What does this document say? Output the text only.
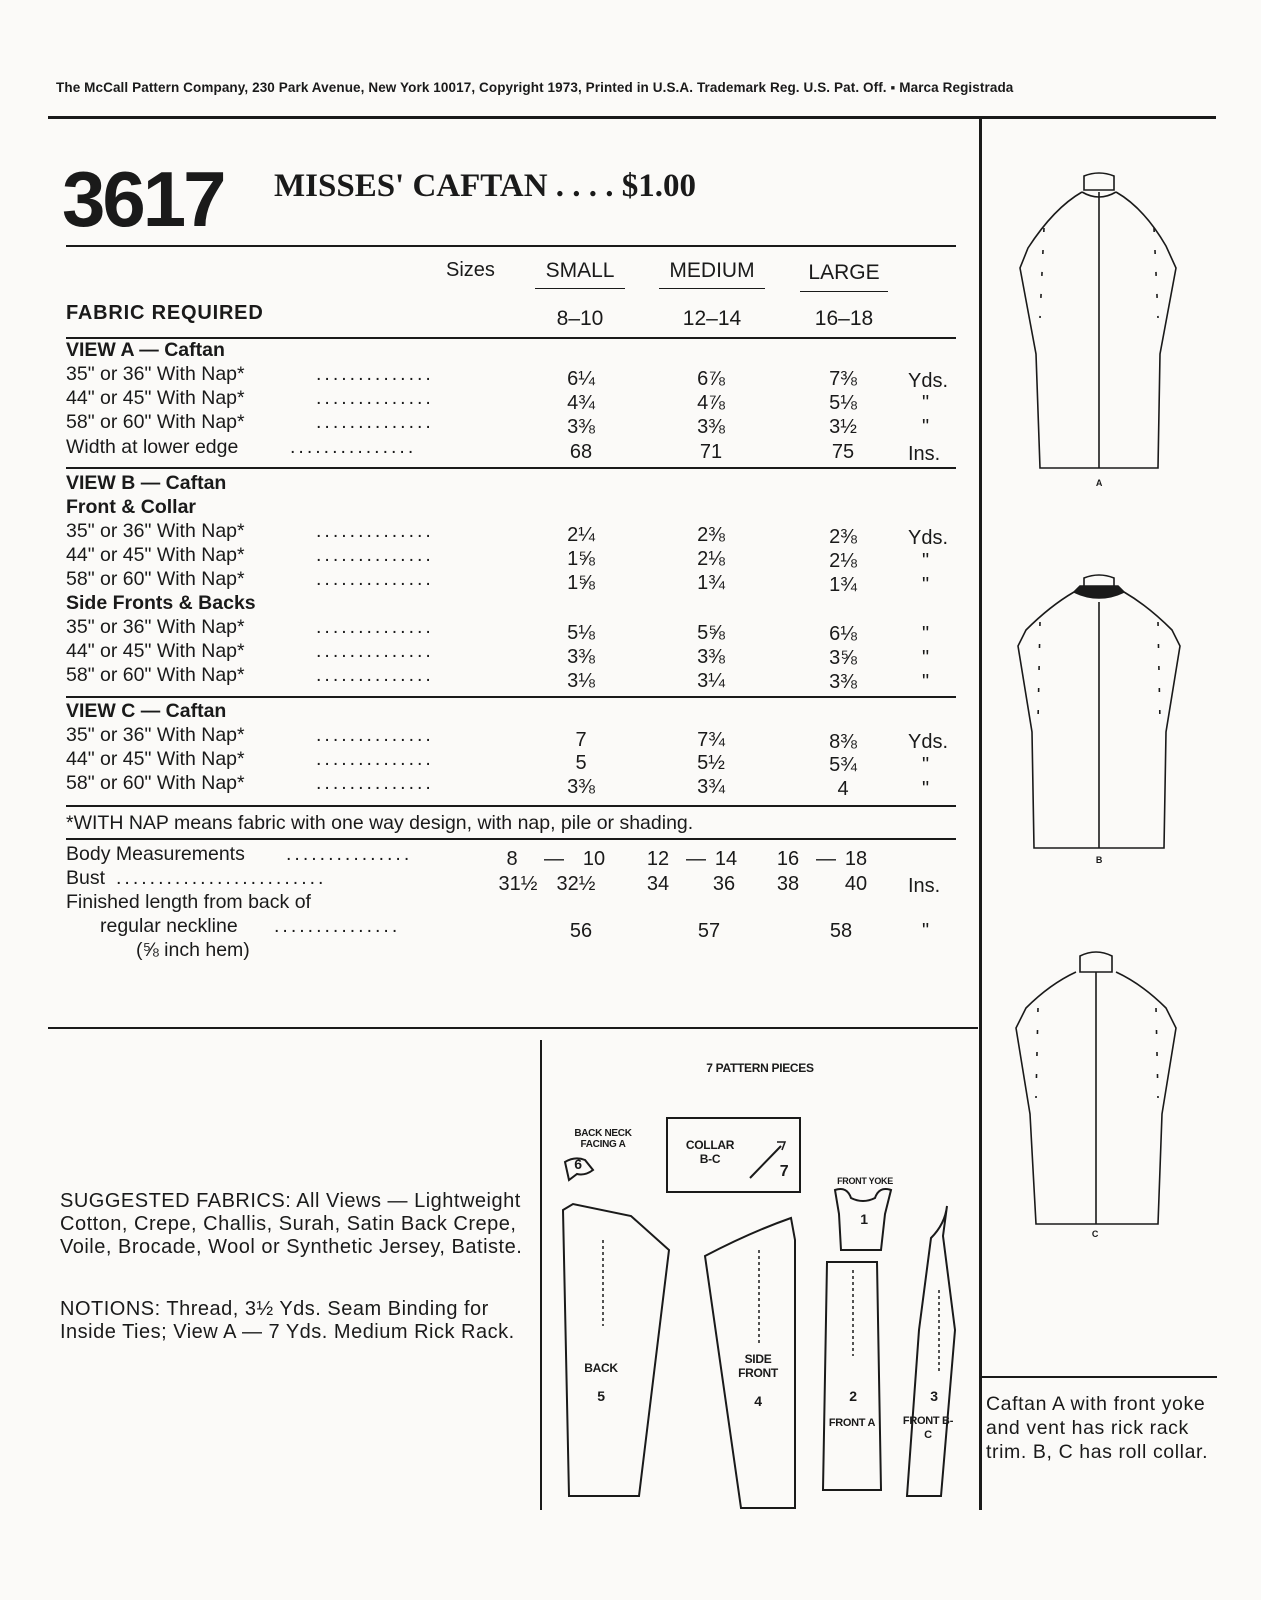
The McCall Pattern Company, 230 Park Avenue, New York 10017, Copyright 1973, Printed in U.S.A. Trademark Reg. U.S. Pat. Off. ▪ Marca Registrada
3617 MISSES' CAFTAN . . . . $1.00
Sizes	SMALL	MEDIUM	LARGE
FABRIC REQUIRED	8–10	12–14	16–18
VIEW A — Caftan
35" or 36" With Nap*	..............	6¼	6⅞	7⅜	Yds.
44" or 45" With Nap*	..............	4¾	4⅞	5⅛	"
58" or 60" With Nap*	..............	3⅜	3⅜	3½	"
Width at lower edge	...............	68	71	75	Ins.
VIEW B — Caftan
Front & Collar
35" or 36" With Nap*	..............	2¼	2⅜	2⅜	Yds.
44" or 45" With Nap*	..............	1⅝	2⅛	2⅛	"
58" or 60" With Nap*	..............	1⅝	1¾	1¾	"
Side Fronts & Backs
35" or 36" With Nap*	..............	5⅛	5⅝	6⅛	"
44" or 45" With Nap*	..............	3⅜	3⅜	3⅝	"
58" or 60" With Nap*	..............	3⅛	3¼	3⅜	"
VIEW C — Caftan
35" or 36" With Nap*	..............	7	7¾	8⅜	Yds.
44" or 45" With Nap*	..............	5	5½	5¾	"
58" or 60" With Nap*	..............	3⅜	3¾	4	"
*WITH NAP means fabric with one way design, with nap, pile or shading.
Body Measurements ...............	8	— 10	12 — 14	16 — 18
Bust .........................	31½ 32½	34	36	38	40	Ins.
Finished length from back of
regular neckline ...............
(⅝ inch hem)
56	57	58	"
SUGGESTED FABRICS: All Views — Lightweight Cotton, Crepe, Challis, Surah, Satin Back Crepe, Voile, Brocade, Wool or Synthetic Jersey, Batiste.
NOTIONS: Thread, 3½ Yds. Seam Binding for Inside Ties; View A — 7 Yds. Medium Rick Rack.
7 PATTERN PIECES
BACK NECK FACING A
6
COLLAR B-C
7
FRONT YOKE
1
BACK
5
SIDE FRONT
4	2
FRONT A
3
FRONT B-C
A
B
C
Caftan A with front yoke and vent has rick rack trim. B, C has roll collar.
